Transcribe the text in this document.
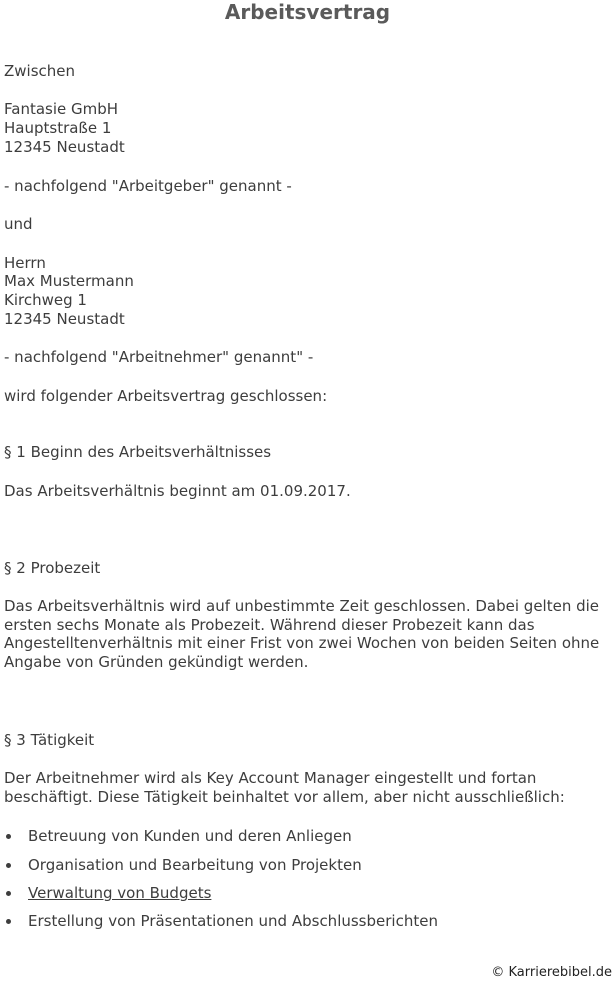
Arbeitsvertrag
Zwischen
Fantasie GmbH
Hauptstraße 1
12345 Neustadt
- nachfolgend "Arbeitgeber" genannt -
und
Herrn
Max Mustermann
Kirchweg 1
12345 Neustadt
- nachfolgend "Arbeitnehmer" genannt" -
wird folgender Arbeitsvertrag geschlossen:
§ 1 Beginn des Arbeitsverhältnisses
Das Arbeitsverhältnis beginnt am 01.09.2017.
§ 2 Probezeit
Das Arbeitsverhältnis wird auf unbestimmte Zeit geschlossen. Dabei gelten die ersten sechs Monate als Probezeit. Während dieser Probezeit kann das Angestelltenverhältnis mit einer Frist von zwei Wochen von beiden Seiten ohne Angabe von Gründen gekündigt werden.
§ 3 Tätigkeit
Der Arbeitnehmer wird als Key Account Manager eingestellt und fortan beschäftigt. Diese Tätigkeit beinhaltet vor allem, aber nicht ausschließlich:
Betreuung von Kunden und deren Anliegen
Organisation und Bearbeitung von Projekten
Verwaltung von Budgets
Erstellung von Präsentationen und Abschlussberichten
© Karrierebibel.de
